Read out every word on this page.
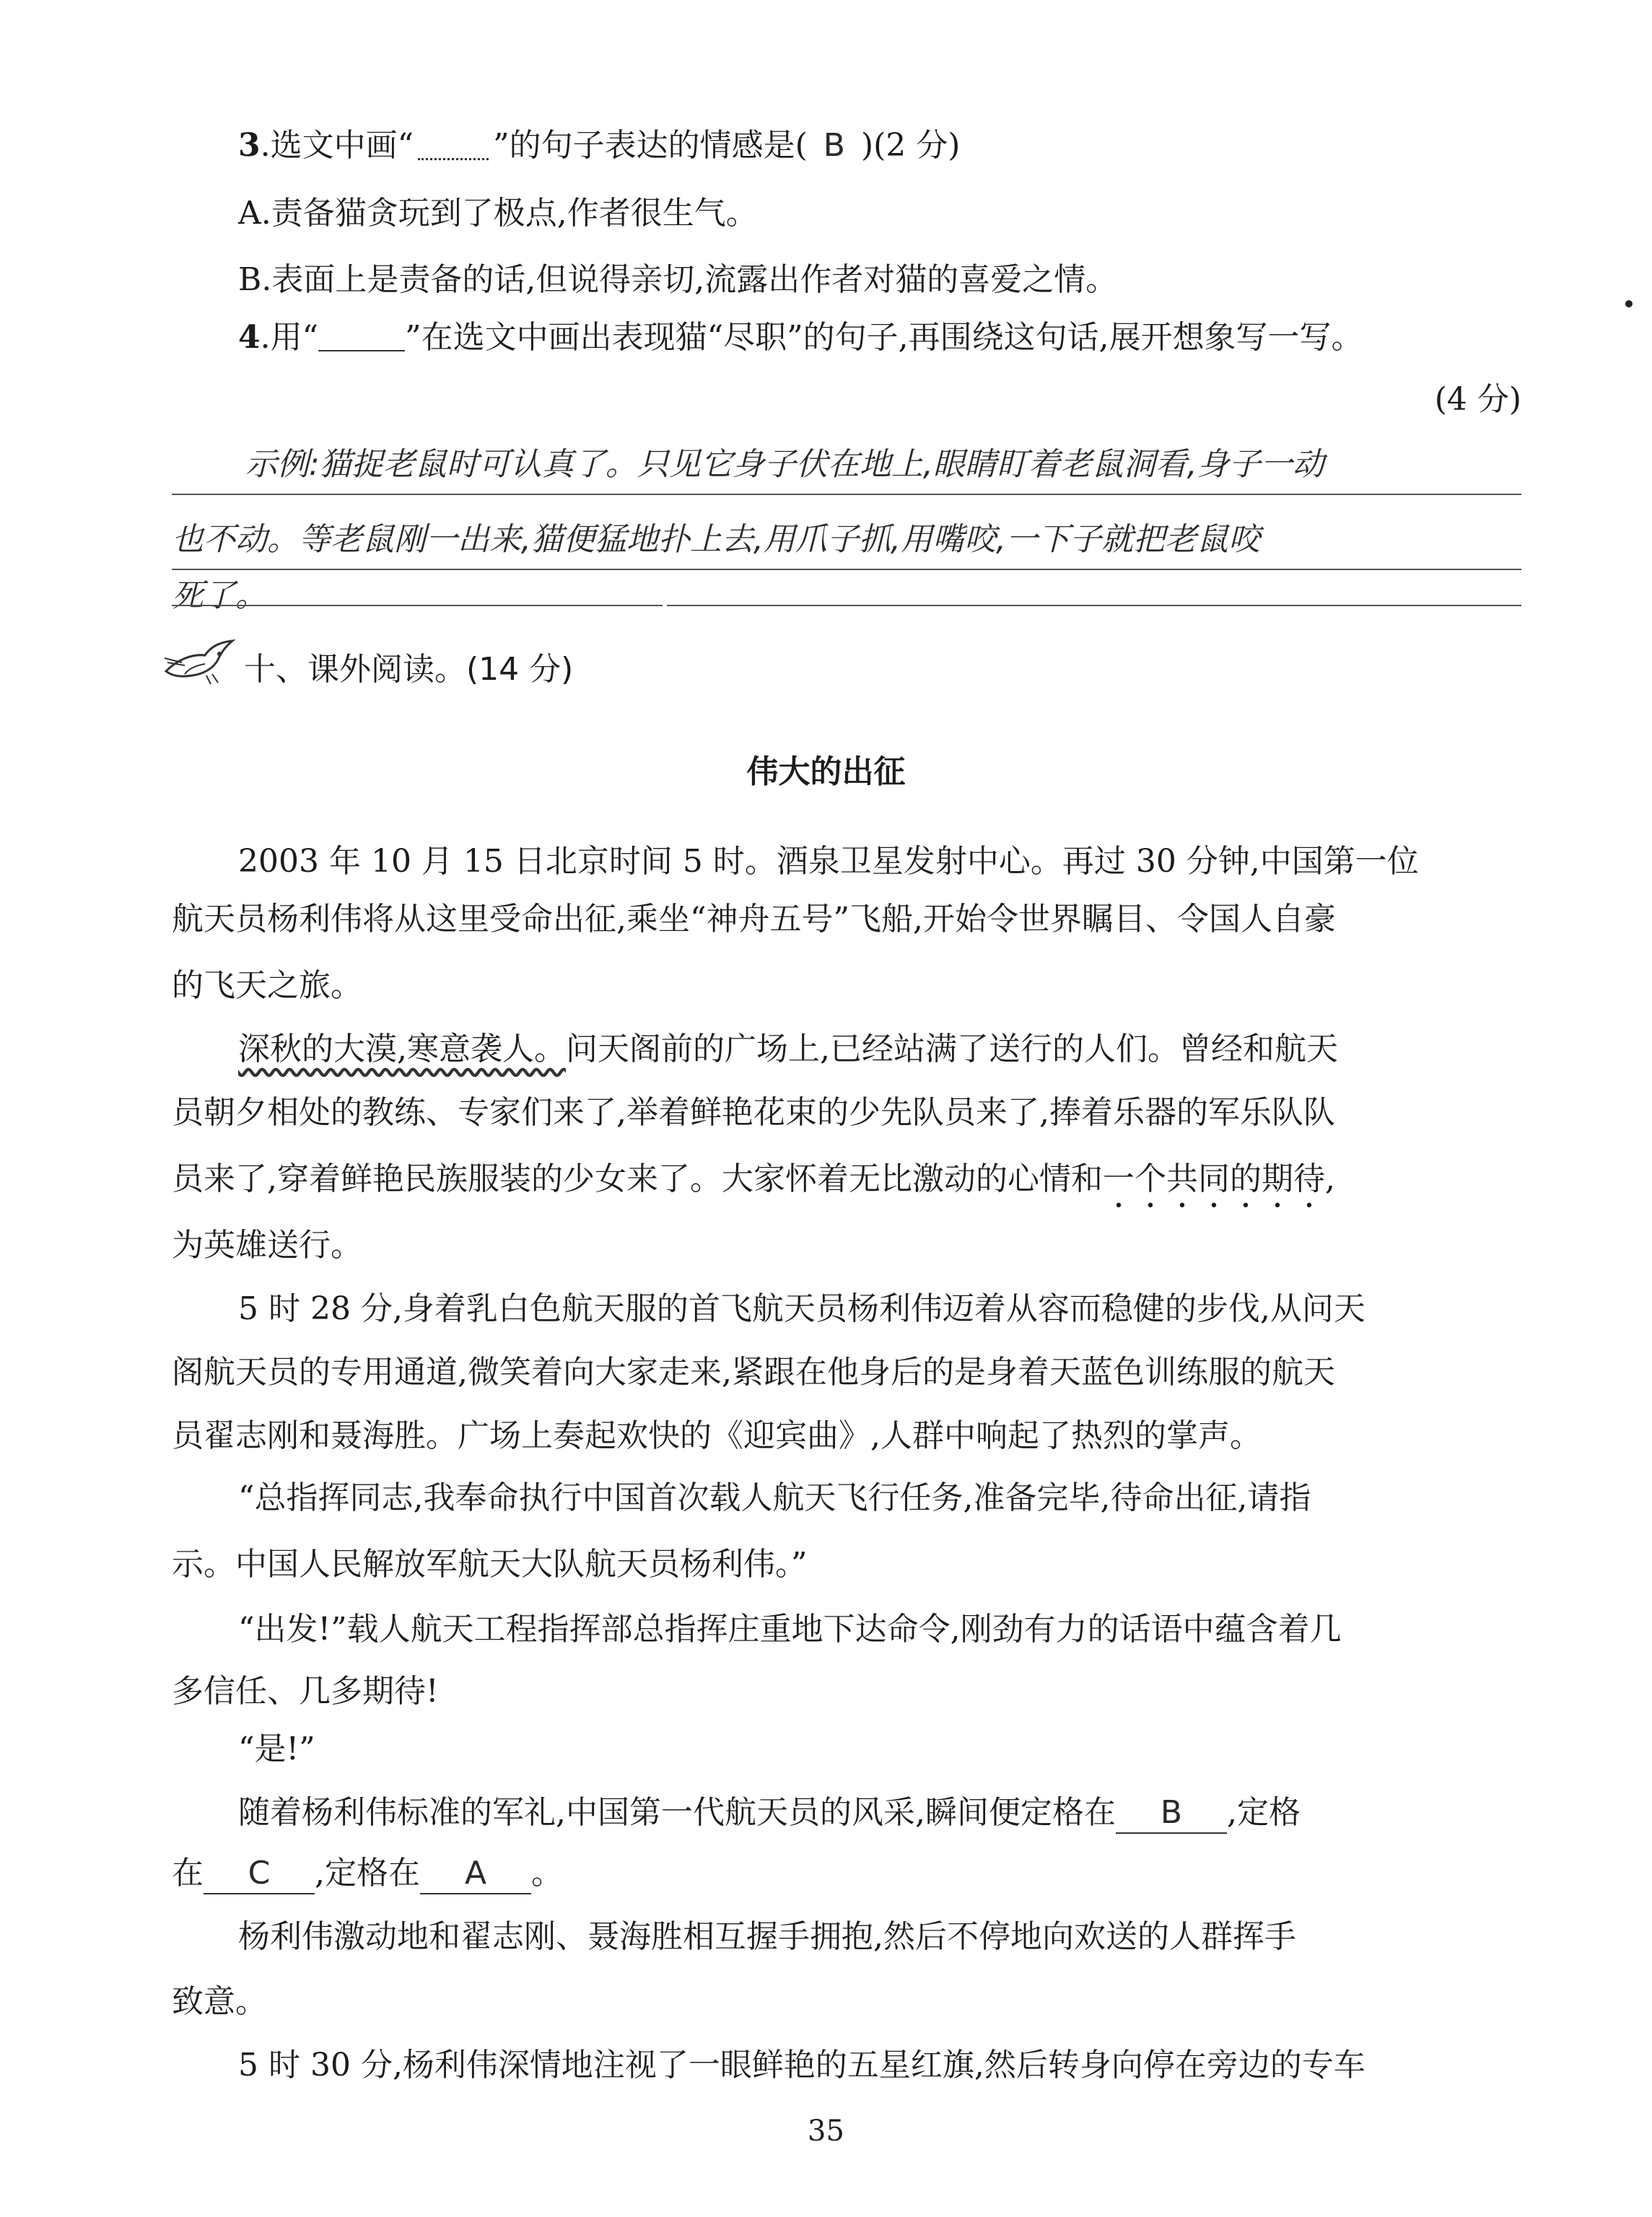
3.选文中画“	”的句子表达的情感是( B )(2 分)
A.责备猫贪玩到了极点,作者很生气。
B.表面上是责备的话,但说得亲切,流露出作者对猫的喜爱之情。
4.用“	”在选文中画出表现猫“尽职”的句子,再围绕这句话,展开想象写一写。
(4 分)
示例:猫捉老鼠时可认真了。只见它身子伏在地上,眼睛盯着老鼠洞看,身子一动
也不动。等老鼠刚一出来,猫便猛地扑上去,用爪子抓,用嘴咬,一下子就把老鼠咬
死了。
十、课外阅读。(14 分)
伟大的出征
2003 年 10 月 15 日北京时间 5 时。酒泉卫星发射中心。再过 30 分钟,中国第一位
航天员杨利伟将从这里受命出征,乘坐“神舟五号”飞船,开始令世界瞩目、令国人自豪
的飞天之旅。
深秋的大漠,寒意袭人。问天阁前的广场上,已经站满了送行的人们。曾经和航天
员朝夕相处的教练、专家们来了,举着鲜艳花束的少先队员来了,捧着乐器的军乐队队
员来了,穿着鲜艳民族服装的少女来了。大家怀着无比激动的心情和一个共同的期待,
为英雄送行。
5 时 28 分,身着乳白色航天服的首飞航天员杨利伟迈着从容而稳健的步伐,从问天
阁航天员的专用通道,微笑着向大家走来,紧跟在他身后的是身着天蓝色训练服的航天
员翟志刚和聂海胜。广场上奏起欢快的《迎宾曲》,人群中响起了热烈的掌声。
“总指挥同志,我奉命执行中国首次载人航天飞行任务,准备完毕,待命出征,请指
示。中国人民解放军航天大队航天员杨利伟。”
“出发!”载人航天工程指挥部总指挥庄重地下达命令,刚劲有力的话语中蕴含着几
多信任、几多期待!
“是!”
随着杨利伟标准的军礼,中国第一代航天员的风采,瞬间便定格在 B ,定格
在 C ,定格在 A 。
杨利伟激动地和翟志刚、聂海胜相互握手拥抱,然后不停地向欢送的人群挥手
致意。
5 时 30 分,杨利伟深情地注视了一眼鲜艳的五星红旗,然后转身向停在旁边的专车
35
